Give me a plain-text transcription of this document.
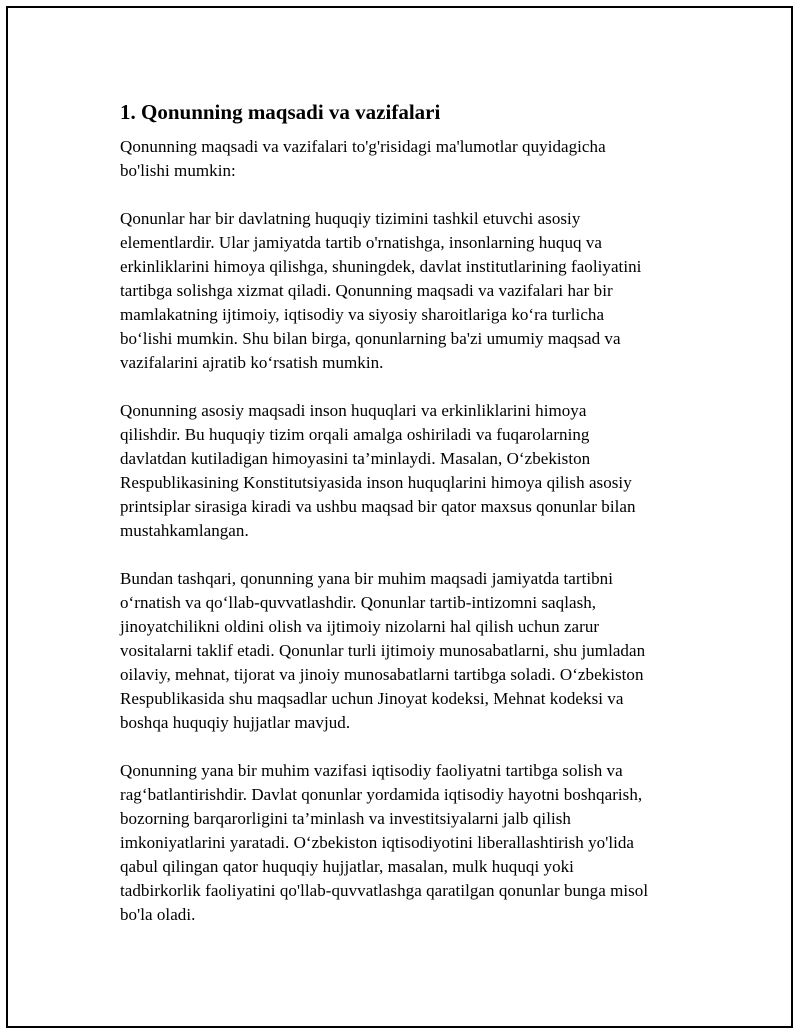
1. Qonunning maqsadi va vazifalari

Qonunning maqsadi va vazifalari to'g'risidagi ma'lumotlar quyidagicha
bo'lishi mumkin:

Qonunlar har bir davlatning huquqiy tizimini tashkil etuvchi asosiy
elementlardir. Ular jamiyatda tartib o'rnatishga, insonlarning huquq va
erkinliklarini himoya qilishga, shuningdek, davlat institutlarining faoliyatini
tartibga solishga xizmat qiladi. Qonunning maqsadi va vazifalari har bir
mamlakatning ijtimoiy, iqtisodiy va siyosiy sharoitlariga ko‘ra turlicha
bo‘lishi mumkin. Shu bilan birga, qonunlarning ba'zi umumiy maqsad va
vazifalarini ajratib ko‘rsatish mumkin.

Qonunning asosiy maqsadi inson huquqlari va erkinliklarini himoya
qilishdir. Bu huquqiy tizim orqali amalga oshiriladi va fuqarolarning
davlatdan kutiladigan himoyasini ta’minlaydi. Masalan, O‘zbekiston
Respublikasining Konstitutsiyasida inson huquqlarini himoya qilish asosiy
printsiplar sirasiga kiradi va ushbu maqsad bir qator maxsus qonunlar bilan
mustahkamlangan.

Bundan tashqari, qonunning yana bir muhim maqsadi jamiyatda tartibni
o‘rnatish va qo‘llab-quvvatlashdir. Qonunlar tartib-intizomni saqlash,
jinoyatchilikni oldini olish va ijtimoiy nizolarni hal qilish uchun zarur
vositalarni taklif etadi. Qonunlar turli ijtimoiy munosabatlarni, shu jumladan
oilaviy, mehnat, tijorat va jinoiy munosabatlarni tartibga soladi. O‘zbekiston
Respublikasida shu maqsadlar uchun Jinoyat kodeksi, Mehnat kodeksi va
boshqa huquqiy hujjatlar mavjud.

Qonunning yana bir muhim vazifasi iqtisodiy faoliyatni tartibga solish va
rag‘batlantirishdir. Davlat qonunlar yordamida iqtisodiy hayotni boshqarish,
bozorning barqarorligini ta’minlash va investitsiyalarni jalb qilish
imkoniyatlarini yaratadi. O‘zbekiston iqtisodiyotini liberallashtirish yo'lida
qabul qilingan qator huquqiy hujjatlar, masalan, mulk huquqi yoki
tadbirkorlik faoliyatini qo'llab-quvvatlashga qaratilgan qonunlar bunga misol
bo'la oladi.
